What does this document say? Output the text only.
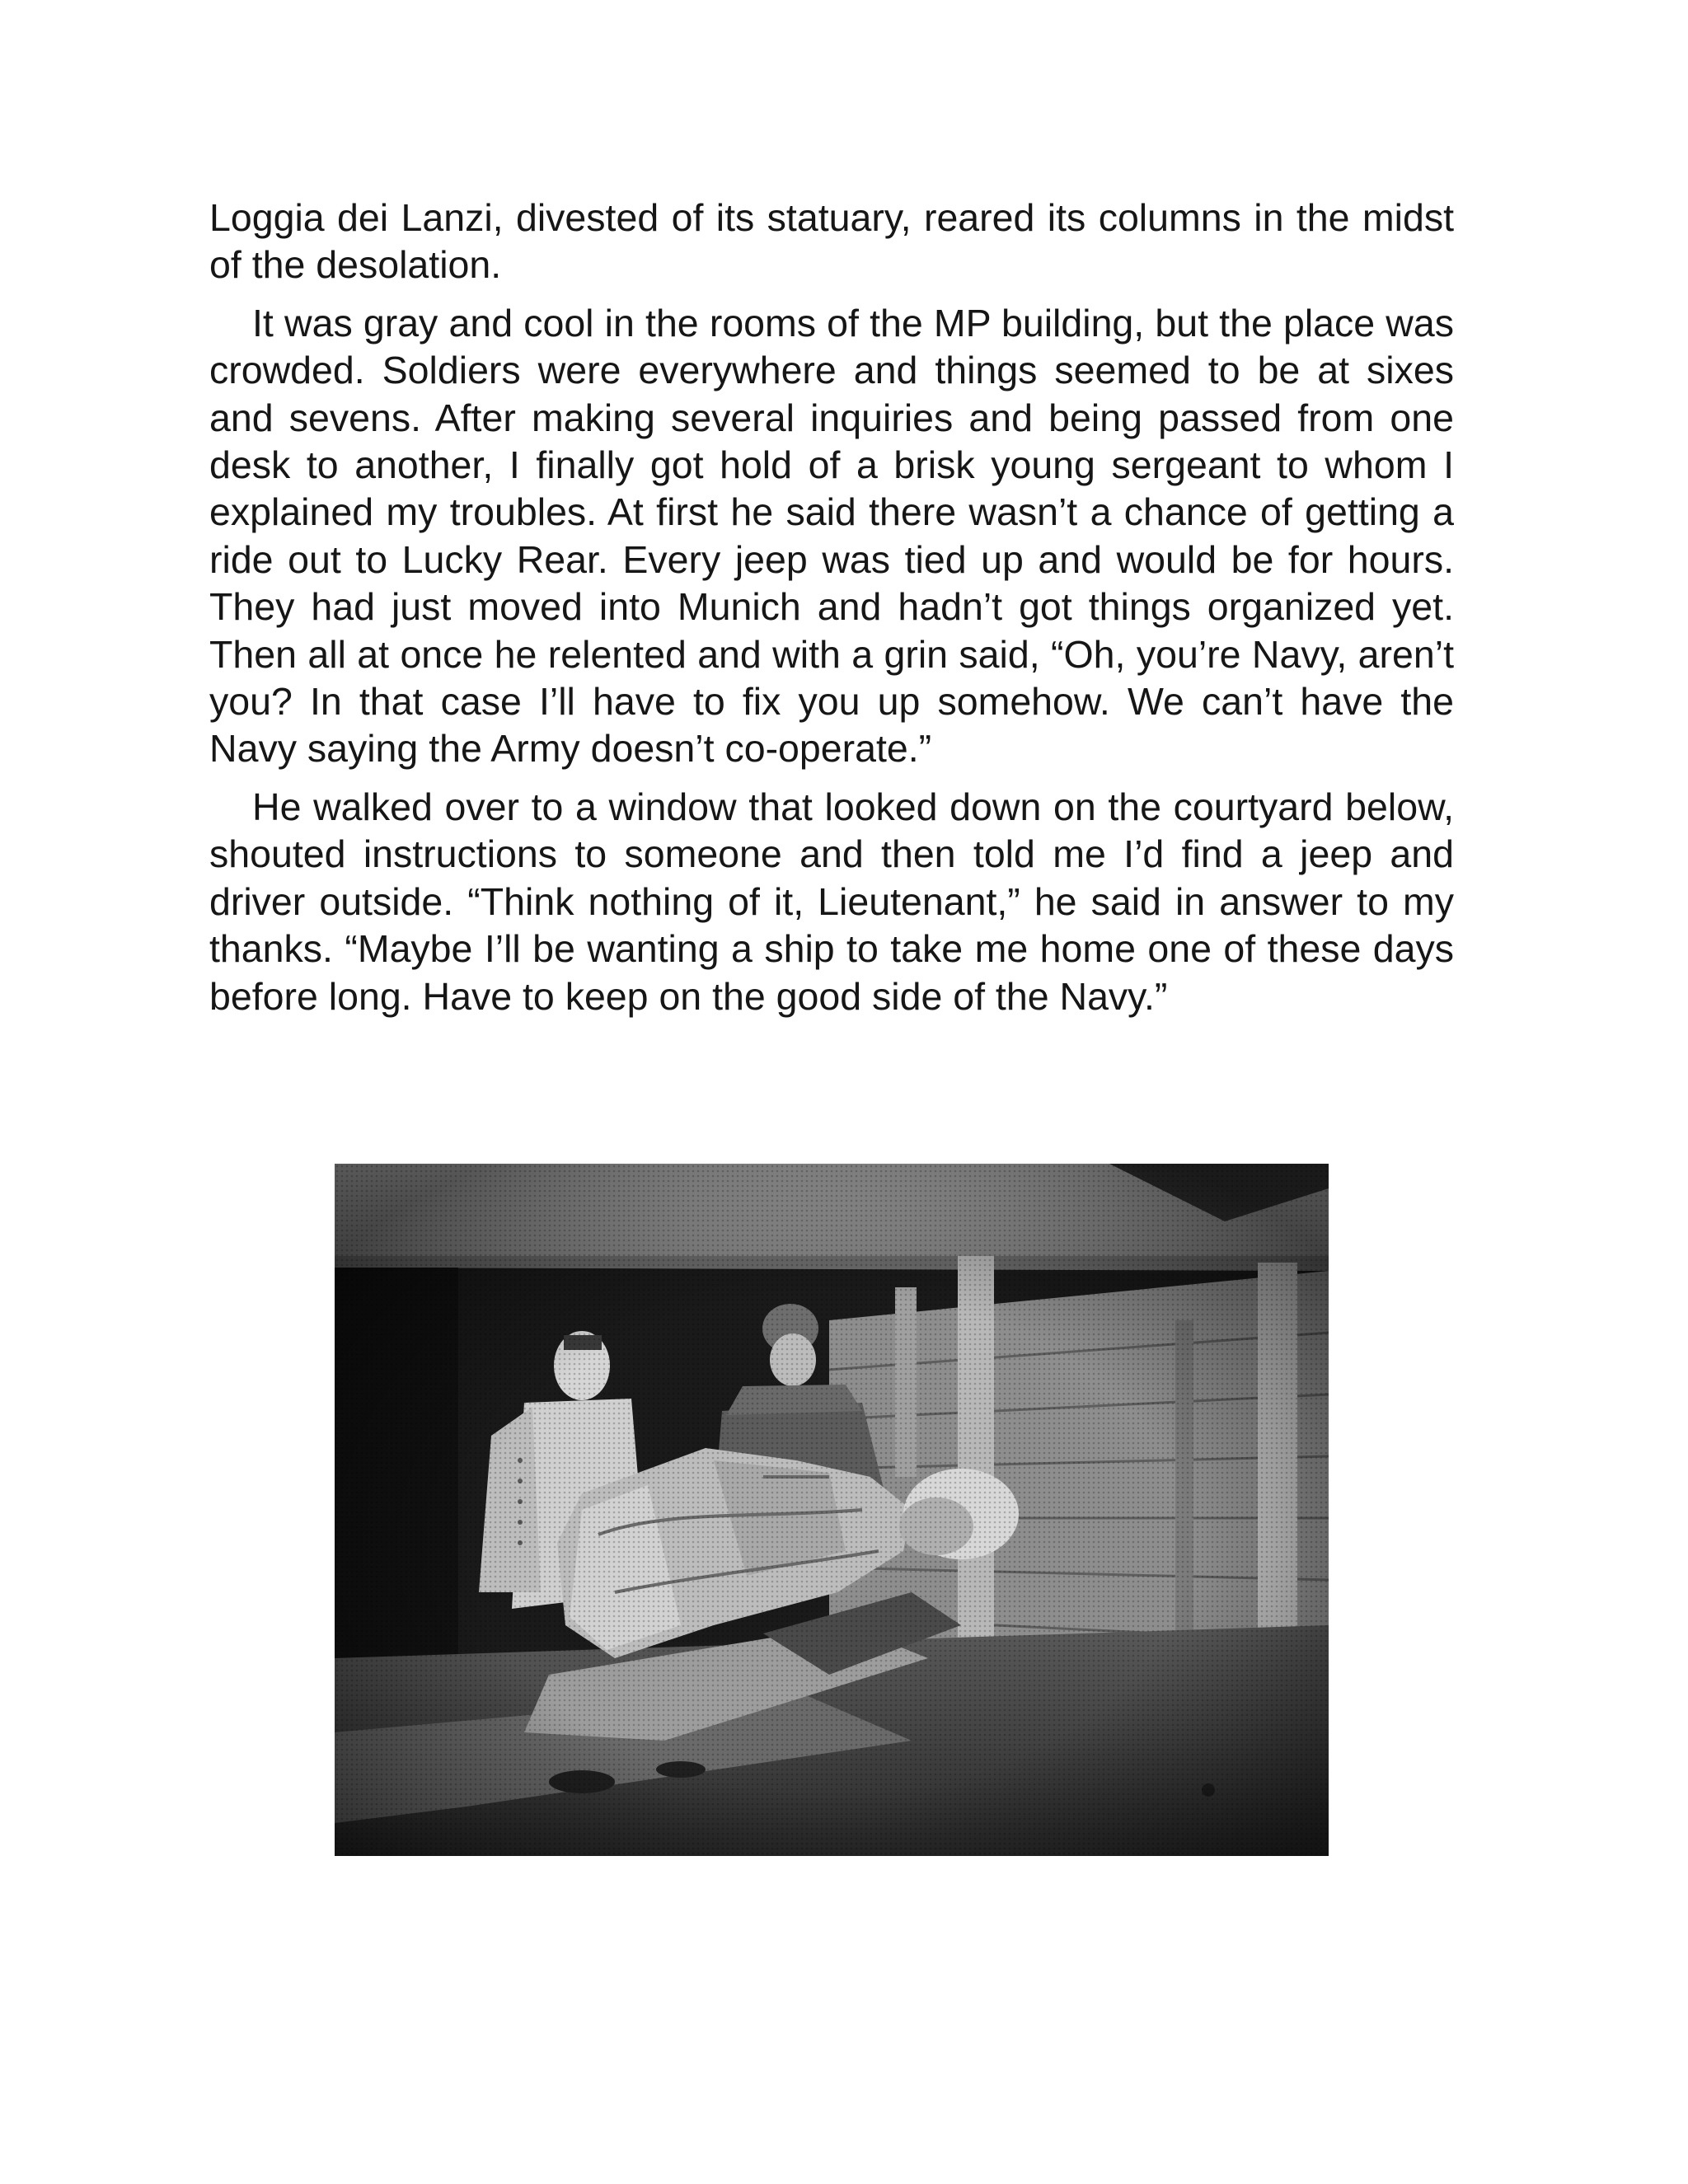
Loggia dei Lanzi, divested of its statuary, reared its columns in the midst of the desolation.

It was gray and cool in the rooms of the MP building, but the place was crowded. Soldiers were everywhere and things seemed to be at sixes and sevens. After making several inquiries and being passed from one desk to another, I finally got hold of a brisk young sergeant to whom I explained my troubles. At first he said there wasn’t a chance of getting a ride out to Lucky Rear. Every jeep was tied up and would be for hours. They had just moved into Munich and hadn’t got things organized yet. Then all at once he relented and with a grin said, “Oh, you’re Navy, aren’t you? In that case I’ll have to fix you up somehow. We can’t have the Navy saying the Army doesn’t co-operate.”

He walked over to a window that looked down on the courtyard below, shouted instructions to someone and then told me I’d find a jeep and driver outside. “Think nothing of it, Lieutenant,” he said in answer to my thanks. “Maybe I’ll be wanting a ship to take me home one of these days before long. Have to keep on the good side of the Navy.”
